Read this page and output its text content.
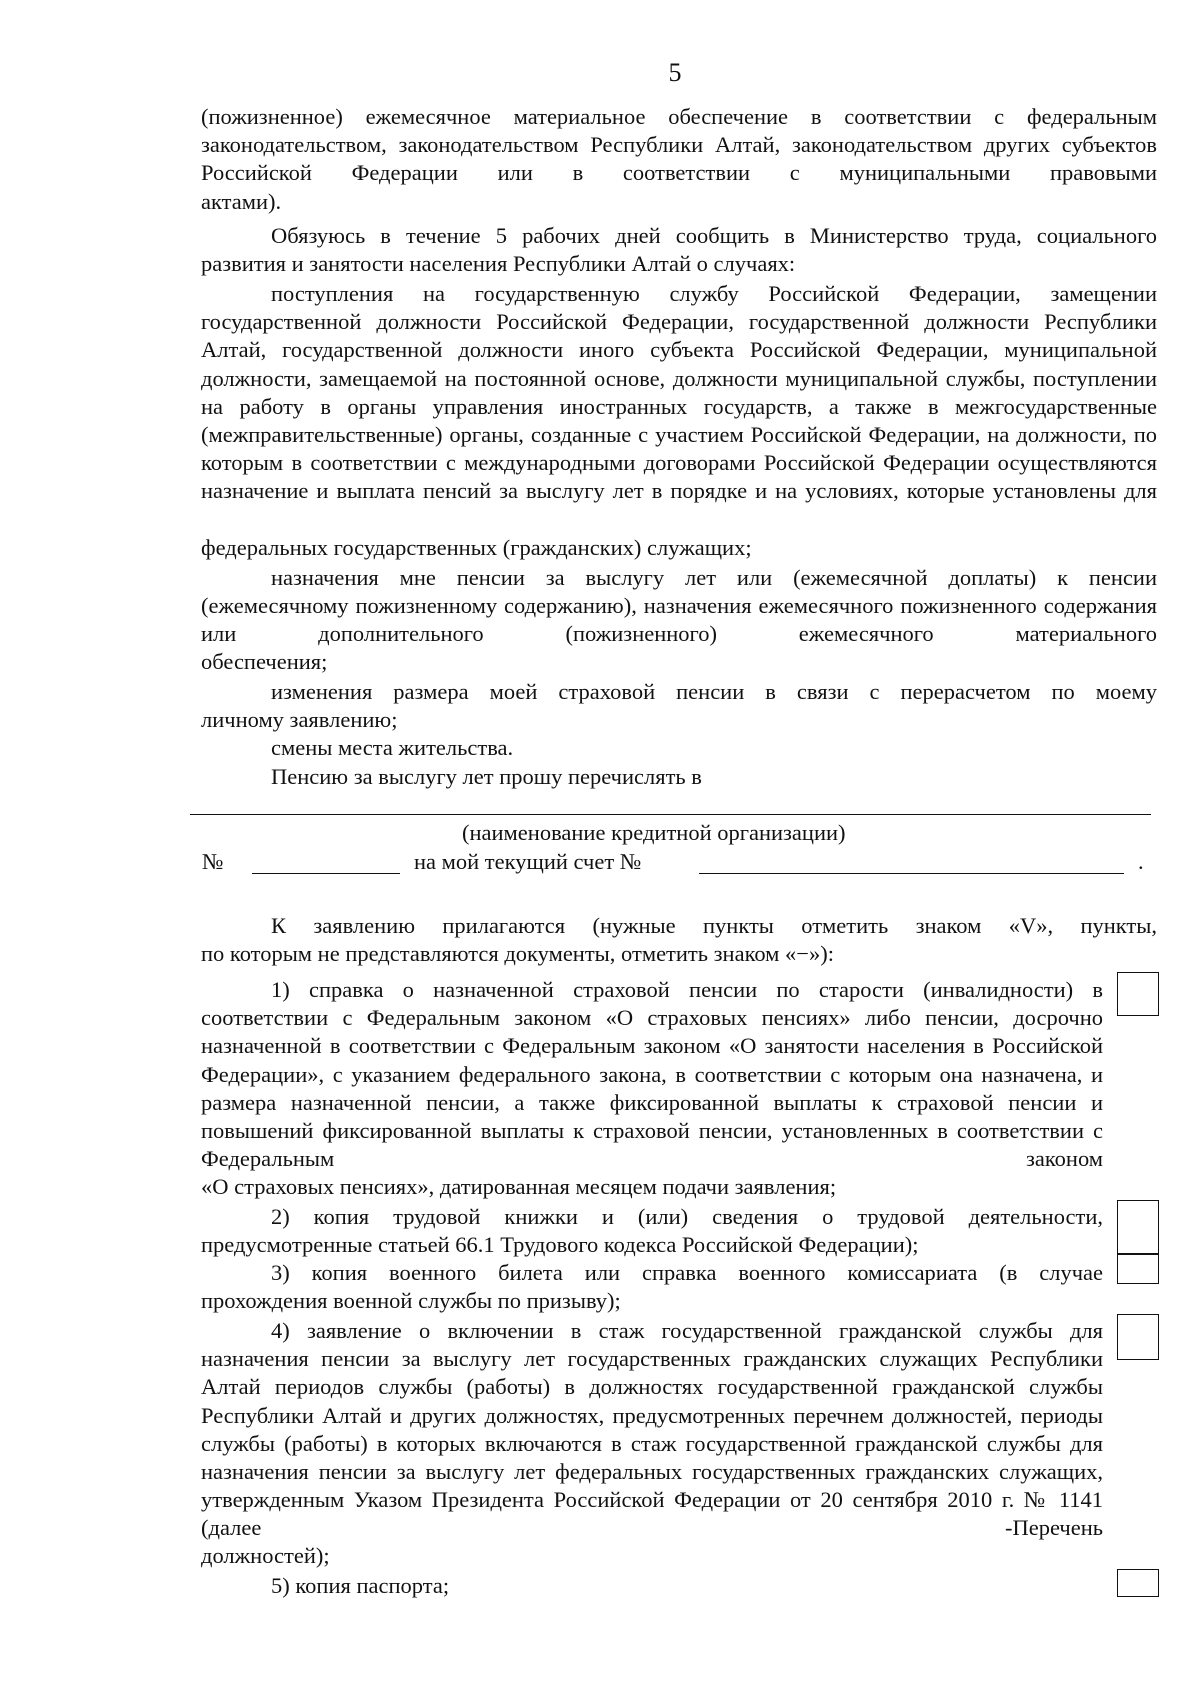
5

(пожизненное) ежемесячное материальное обеспечение в соответствии с федеральным законодательством, законодательством Республики Алтай, законодательством других субъектов Российской Федерации или в соответствии с муниципальными правовыми

актами).

Обязуюсь в течение 5 рабочих дней сообщить в Министерство труда, социального

развития и занятости населения Республики Алтай о случаях:

поступления на государственную службу Российской Федерации, замещении государственной должности Российской Федерации, государственной должности Республики Алтай, государственной должности иного субъекта Российской Федерации, муниципальной должности, замещаемой на постоянной основе, должности муниципальной службы, поступлении на работу в органы управления иностранных государств, а также в межгосударственные (межправительственные) органы, созданные с участием Российской Федерации, на должности, по которым в соответствии с международными договорами Российской Федерации осуществляются назначение и выплата пенсий за выслугу лет в порядке и на условиях, которые установлены для

федеральных государственных (гражданских) служащих;

назначения мне пенсии за выслугу лет или (ежемесячной доплаты) к пенсии (ежемесячному пожизненному содержанию), назначения ежемесячного пожизненного содержания или дополнительного (пожизненного) ежемесячного материального

обеспечения;

изменения размера моей страховой пенсии в связи с перерасчетом по моему

личному заявлению;

смены места жительства.

Пенсию за выслугу лет прошу перечислять в

(наименование кредитной организации)
№	на мой текущий счет №	.

К заявлению прилагаются (нужные пункты отметить знаком «V», пункты,

по которым не представляются документы, отметить знаком «−»):

1) справка о назначенной страховой пенсии по старости (инвалидности) в соответствии с Федеральным законом «О страховых пенсиях» либо пенсии, досрочно назначенной в соответствии с Федеральным законом «О занятости населения в Российской Федерации», с указанием федерального закона, в соответствии с которым она назначена, и размера назначенной пенсии, а также фиксированной выплаты к страховой пенсии и повышений фиксированной выплаты к страховой пенсии, установленных в соответствии с Федеральным законом

«О страховых пенсиях», датированная месяцем подачи заявления;

2) копия трудовой книжки и (или) сведения о трудовой деятельности,

предусмотренные статьей 66.1 Трудового кодекса Российской Федерации);

3) копия военного билета или справка военного комиссариата (в случае

прохождения военной службы по призыву);

4) заявление о включении в стаж государственной гражданской службы для назначения пенсии за выслугу лет государственных гражданских служащих Республики Алтай периодов службы (работы) в должностях государственной гражданской службы Республики Алтай и других должностях, предусмотренных перечнем должностей, периоды службы (работы) в которых включаются в стаж государственной гражданской службы для назначения пенсии за выслугу лет федеральных государственных гражданских служащих, утвержденным Указом Президента Российской Федерации от 20 сентября 2010 г. № 1141 (далее -Перечень

должностей);

5) копия паспорта;
